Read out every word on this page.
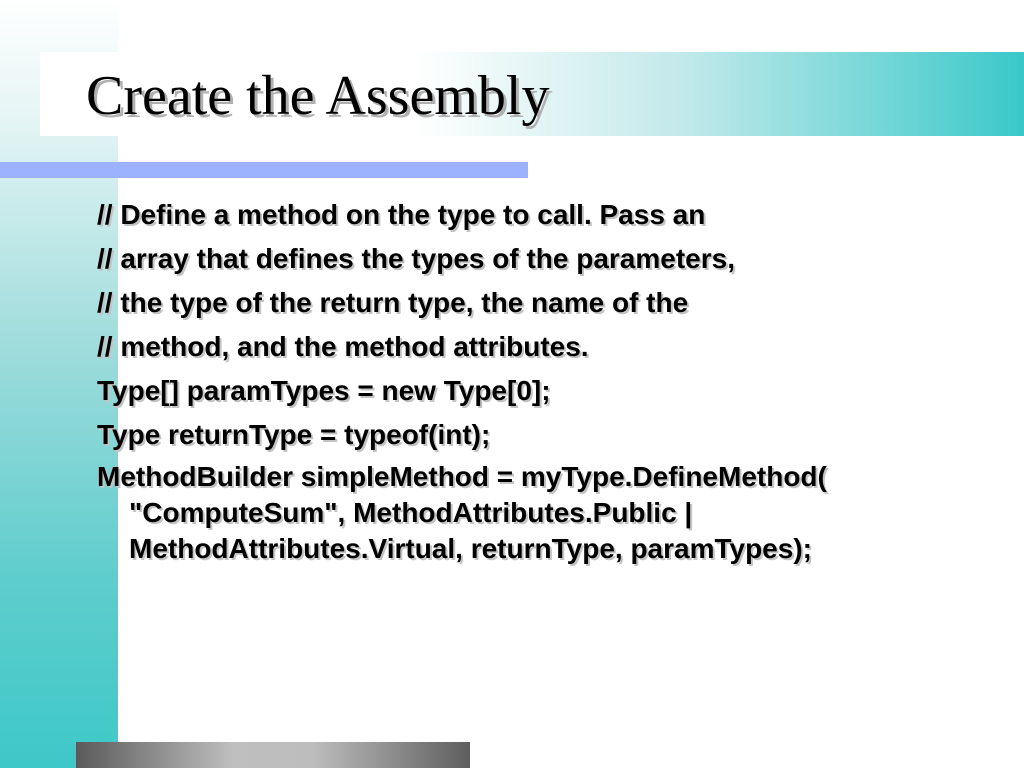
Create the Assembly
// Define a method on the type to call. Pass an
// array that defines the types of the parameters,
// the type of the return type, the name of the
// method, and the method attributes.
Type[] paramTypes = new Type[0];
Type returnType = typeof(int);
MethodBuilder simpleMethod = myType.DefineMethod( "ComputeSum", MethodAttributes.Public | MethodAttributes.Virtual, returnType, paramTypes);
